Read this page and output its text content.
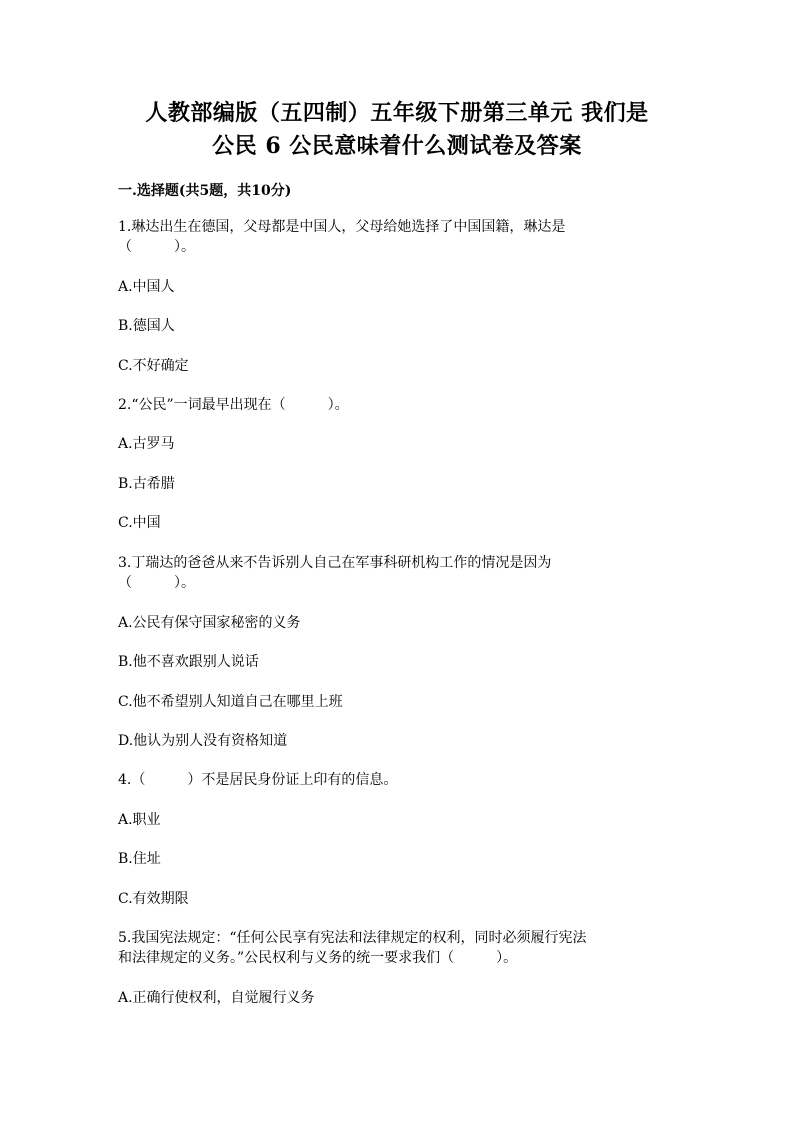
人教部编版（五四制）五年级下册第三单元 我们是
公民 6 公民意味着什么测试卷及答案
一.选择题(共5题，共10分)
1.琳达出生在德国，父母都是中国人，父母给她选择了中国国籍，琳达是
（　　　）。
A.中国人
B.德国人
C.不好确定
2.“公民”一词最早出现在（　　　）。
A.古罗马
B.古希腊
C.中国
3.丁瑞达的爸爸从来不告诉别人自己在军事科研机构工作的情况是因为
（　　　）。
A.公民有保守国家秘密的义务
B.他不喜欢跟别人说话
C.他不希望别人知道自己在哪里上班
D.他认为别人没有资格知道
4.（　　　）不是居民身份证上印有的信息。
A.职业
B.住址
C.有效期限
5.我国宪法规定：“任何公民享有宪法和法律规定的权利，同时必须履行宪法
和法律规定的义务。”公民权利与义务的统一要求我们（　　　）。
A.正确行使权利，自觉履行义务
